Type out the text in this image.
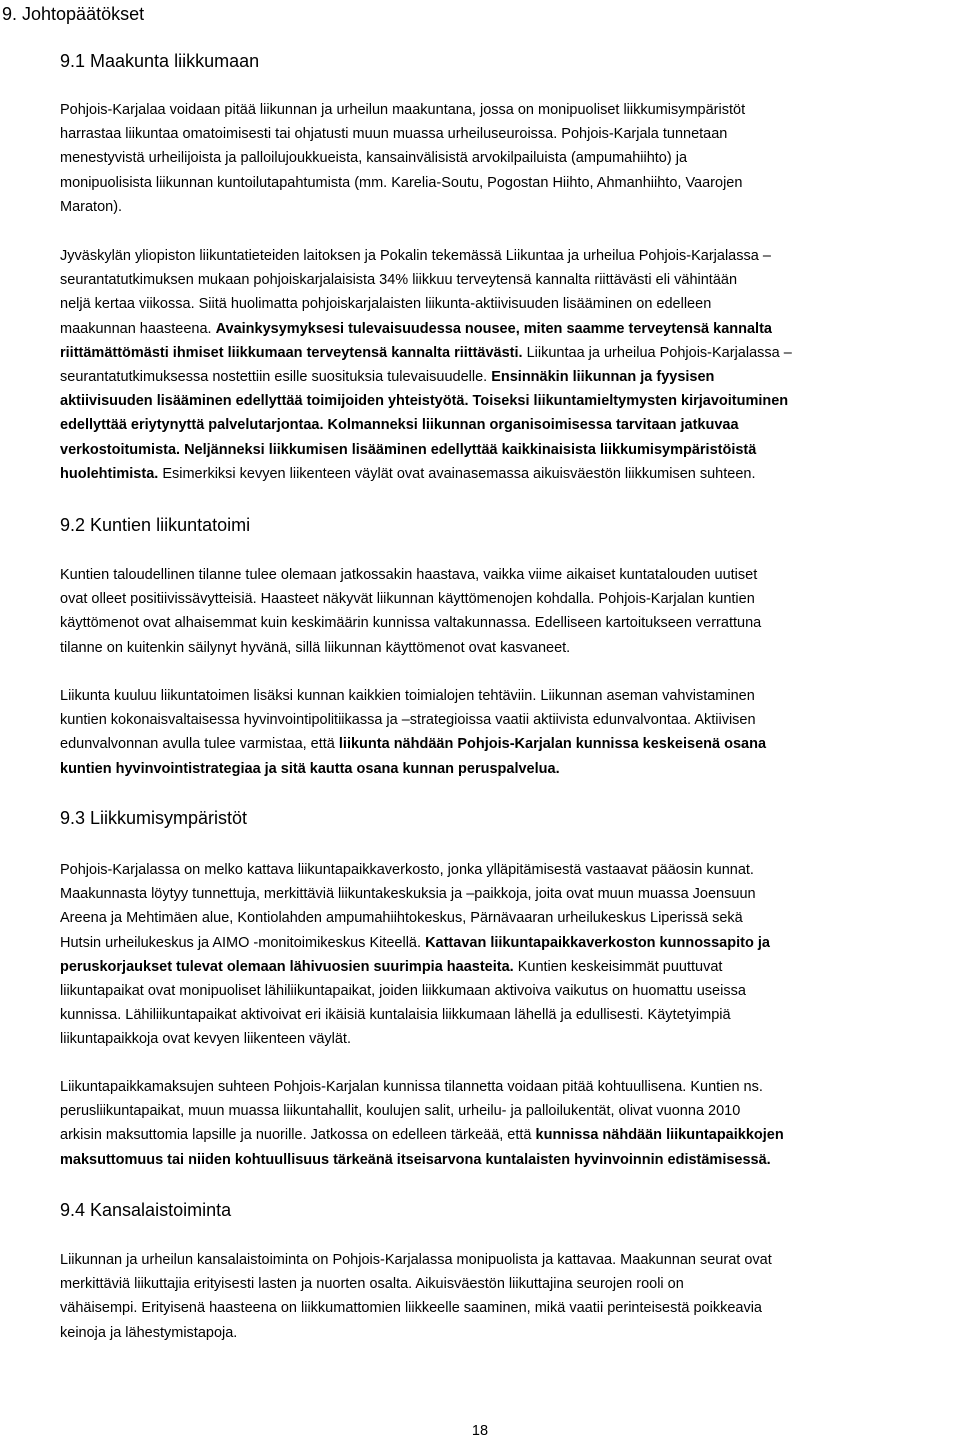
9. Johtopäätökset
9.1 Maakunta liikkumaan
Pohjois-Karjalaa voidaan pitää liikunnan ja urheilun maakuntana, jossa on monipuoliset liikkumisympäristöt
harrastaa liikuntaa omatoimisesti tai ohjatusti muun muassa urheiluseuroissa. Pohjois-Karjala tunnetaan
menestyvistä urheilijoista ja palloilujoukkueista, kansainvälisistä arvokilpailuista (ampumahiihto) ja
monipuolisista liikunnan kuntoilutapahtumista (mm. Karelia-Soutu, Pogostan Hiihto, Ahmanhiihto, Vaarojen
Maraton).
Jyväskylän yliopiston liikuntatieteiden laitoksen ja Pokalin tekemässä Liikuntaa ja urheilua Pohjois-Karjalassa –
seurantatutkimuksen mukaan pohjoiskarjalaisista 34% liikkuu terveytensä kannalta riittävästi eli vähintään
neljä kertaa viikossa. Siitä huolimatta pohjoiskarjalaisten liikunta-aktiivisuuden lisääminen on edelleen
maakunnan haasteena. Avainkysymyksesi tulevaisuudessa nousee, miten saamme terveytensä kannalta
riittämättömästi ihmiset liikkumaan terveytensä kannalta riittävästi. Liikuntaa ja urheilua Pohjois-Karjalassa –
seurantatutkimuksessa nostettiin esille suosituksia tulevaisuudelle. Ensinnäkin liikunnan ja fyysisen
aktiivisuuden lisääminen edellyttää toimijoiden yhteistyötä. Toiseksi liikuntamieltymysten kirjavoituminen
edellyttää eriytynyttä palvelutarjontaa. Kolmanneksi liikunnan organisoimisessa tarvitaan jatkuvaa
verkostoitumista. Neljänneksi liikkumisen lisääminen edellyttää kaikkinaisista liikkumisympäristöistä
huolehtimista. Esimerkiksi kevyen liikenteen väylät ovat avainasemassa aikuisväestön liikkumisen suhteen.
9.2 Kuntien liikuntatoimi
Kuntien taloudellinen tilanne tulee olemaan jatkossakin haastava, vaikka viime aikaiset kuntatalouden uutiset
ovat olleet positiivissävytteisiä. Haasteet näkyvät liikunnan käyttömenojen kohdalla. Pohjois-Karjalan kuntien
käyttömenot ovat alhaisemmat kuin keskimäärin kunnissa valtakunnassa. Edelliseen kartoitukseen verrattuna
tilanne on kuitenkin säilynyt hyvänä, sillä liikunnan käyttömenot ovat kasvaneet.
Liikunta kuuluu liikuntatoimen lisäksi kunnan kaikkien toimialojen tehtäviin. Liikunnan aseman vahvistaminen
kuntien kokonaisvaltaisessa hyvinvointipolitiikassa ja –strategioissa vaatii aktiivista edunvalvontaa. Aktiivisen
edunvalvonnan avulla tulee varmistaa, että liikunta nähdään Pohjois-Karjalan kunnissa keskeisenä osana
kuntien hyvinvointistrategiaa ja sitä kautta osana kunnan peruspalvelua.
9.3 Liikkumisympäristöt
Pohjois-Karjalassa on melko kattava liikuntapaikkaverkosto, jonka ylläpitämisestä vastaavat pääosin kunnat.
Maakunnasta löytyy tunnettuja, merkittäviä liikuntakeskuksia ja –paikkoja, joita ovat muun muassa Joensuun
Areena ja Mehtimäen alue, Kontiolahden ampumahiihtokeskus, Pärnävaaran urheilukeskus Liperissä sekä
Hutsin urheilukeskus ja AIMO -monitoimikeskus Kiteellä. Kattavan liikuntapaikkaverkoston kunnossapito ja
peruskorjaukset tulevat olemaan lähivuosien suurimpia haasteita. Kuntien keskeisimmät puuttuvat
liikuntapaikat ovat monipuoliset lähiliikuntapaikat, joiden liikkumaan aktivoiva vaikutus on huomattu useissa
kunnissa. Lähiliikuntapaikat aktivoivat eri ikäisiä kuntalaisia liikkumaan lähellä ja edullisesti. Käytetyimpiä
liikuntapaikkoja ovat kevyen liikenteen väylät.
Liikuntapaikkamaksujen suhteen Pohjois-Karjalan kunnissa tilannetta voidaan pitää kohtuullisena. Kuntien ns.
perusliikuntapaikat, muun muassa liikuntahallit, koulujen salit, urheilu- ja palloilukentät, olivat vuonna 2010
arkisin maksuttomia lapsille ja nuorille. Jatkossa on edelleen tärkeää, että kunnissa nähdään liikuntapaikkojen
maksuttomuus tai niiden kohtuullisuus tärkeänä itseisarvona kuntalaisten hyvinvoinnin edistämisessä.
9.4 Kansalaistoiminta
Liikunnan ja urheilun kansalaistoiminta on Pohjois-Karjalassa monipuolista ja kattavaa. Maakunnan seurat ovat
merkittäviä liikuttajia erityisesti lasten ja nuorten osalta. Aikuisväestön liikuttajina seurojen rooli on
vähäisempi. Erityisenä haasteena on liikkumattomien liikkeelle saaminen, mikä vaatii perinteisestä poikkeavia
keinoja ja lähestymistapoja.
18
